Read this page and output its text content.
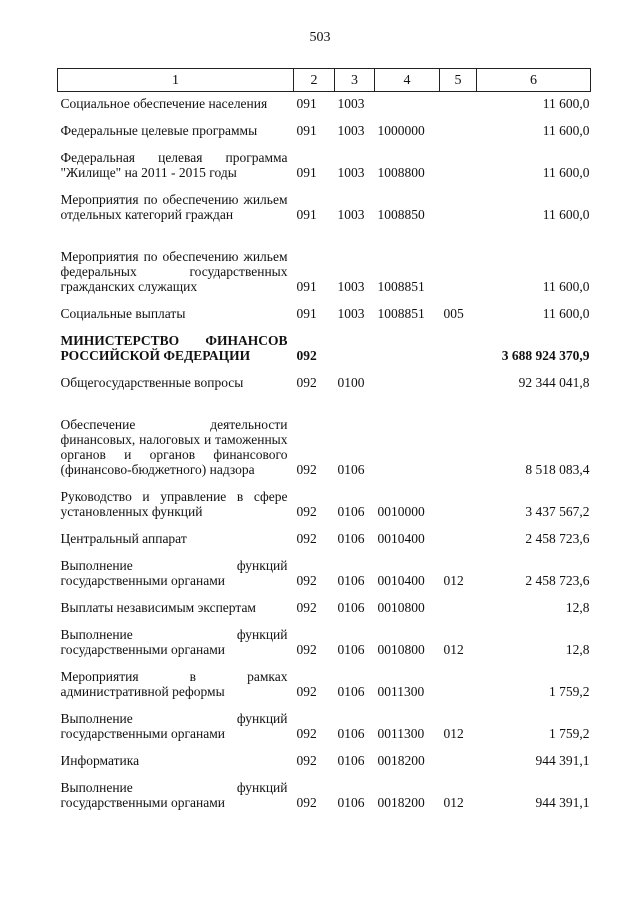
503
1	2	3	4	5	6

Социальное обеспечение населения	091	1003			11 600,0

Федеральные целевые программы	091	1003	1000000		11 600,0

Федеральная целевая программа "Жилище" на 2011 - 2015 годы	091	1003	1008800		11 600,0

Мероприятия по обеспечению жильем отдельных категорий граждан	091	1003	1008850		11 600,0

Мероприятия по обеспечению жильем федеральных государственных гражданских служащих	091	1003	1008851		11 600,0

Социальные выплаты	091	1003	1008851	005	11 600,0

МИНИСТЕРСТВО ФИНАНСОВ РОССИЙСКОЙ ФЕДЕРАЦИИ	092				3 688 924 370,9

Общегосударственные вопросы	092	0100			92 344 041,8

Обеспечение деятельности финансовых, налоговых и таможенных органов и органов финансового (финансово-бюджетного) надзора	092	0106			8 518 083,4

Руководство и управление в сфере установленных функций	092	0106	0010000		3 437 567,2

Центральный аппарат	092	0106	0010400		2 458 723,6

Выполнение функций государственными органами	092	0106	0010400	012	2 458 723,6

Выплаты независимым экспертам	092	0106	0010800		12,8

Выполнение функций государственными органами	092	0106	0010800	012	12,8

Мероприятия в рамках административной реформы	092	0106	0011300		1 759,2

Выполнение функций государственными органами	092	0106	0011300	012	1 759,2

Информатика	092	0106	0018200		944 391,1

Выполнение функций государственными органами	092	0106	0018200	012	944 391,1
